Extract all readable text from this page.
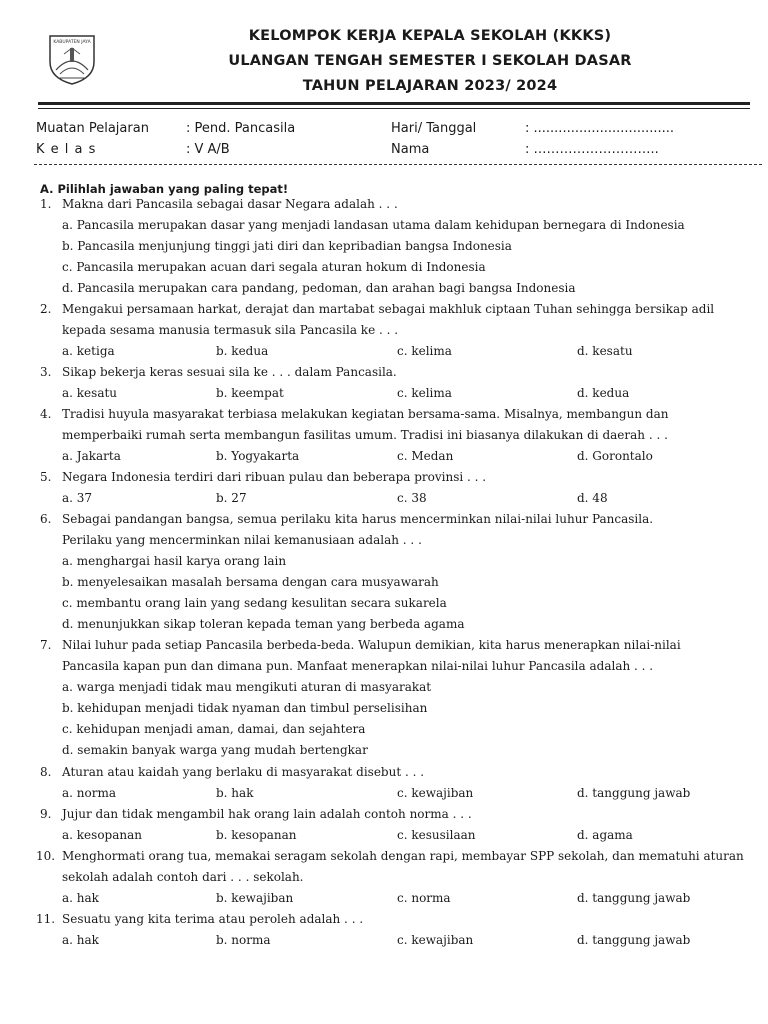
KABUPATEN JAYA	KELOMPOK KERJA KEPALA SEKOLAH (KKKS)
ULANGAN TENGAH SEMESTER I SEKOLAH DASAR
TAHUN PELAJARAN 2023/ 2024
Muatan Pelajaran	: Pend. Pancasila	Hari/ Tanggal	: ..................................
K e l a s	: V A/B	Nama	: ………………………..
A. Pilihlah jawaban yang paling tepat!
1. Makna dari Pancasila sebagai dasar Negara adalah . . .
a. Pancasila merupakan dasar yang menjadi landasan utama dalam kehidupan bernegara di Indonesia
b. Pancasila menjunjung tinggi jati diri dan kepribadian bangsa Indonesia
c. Pancasila merupakan acuan dari segala aturan hokum di Indonesia
d. Pancasila merupakan cara pandang, pedoman, dan arahan bagi bangsa Indonesia
2. Mengakui persamaan harkat, derajat dan martabat sebagai makhluk ciptaan Tuhan sehingga bersikap adil
kepada sesama manusia termasuk sila Pancasila ke . . .
a. ketiga	b. kedua	c. kelima	d. kesatu
3. Sikap bekerja keras sesuai sila ke . . . dalam Pancasila.
a. kesatu	b. keempat	c. kelima	d. kedua
4. Tradisi huyula masyarakat terbiasa melakukan kegiatan bersama-sama. Misalnya, membangun dan
memperbaiki rumah serta membangun fasilitas umum. Tradisi ini biasanya dilakukan di daerah . . .
a. Jakarta	b. Yogyakarta	c. Medan	d. Gorontalo
5. Negara Indonesia terdiri dari ribuan pulau dan beberapa provinsi . . .
a. 37	b. 27	c. 38	d. 48
6. Sebagai pandangan bangsa, semua perilaku kita harus mencerminkan nilai-nilai luhur Pancasila.
Perilaku yang mencerminkan nilai kemanusiaan adalah . . .
a. menghargai hasil karya orang lain
b. menyelesaikan masalah bersama dengan cara musyawarah
c. membantu orang lain yang sedang kesulitan secara sukarela
d. menunjukkan sikap toleran kepada teman yang berbeda agama
7. Nilai luhur pada setiap Pancasila berbeda-beda. Walupun demikian, kita harus menerapkan nilai-nilai
Pancasila kapan pun dan dimana pun. Manfaat menerapkan nilai-nilai luhur Pancasila adalah . . .
a. warga menjadi tidak mau mengikuti aturan di masyarakat
b. kehidupan menjadi tidak nyaman dan timbul perselisihan
c. kehidupan menjadi aman, damai, dan sejahtera
d. semakin banyak warga yang mudah bertengkar
8. Aturan atau kaidah yang berlaku di masyarakat disebut . . .
a. norma	b. hak	c. kewajiban	d. tanggung jawab
9. Jujur dan tidak mengambil hak orang lain adalah contoh norma . . .
a. kesopanan	b. kesopanan	c. kesusilaan	d. agama
10. Menghormati orang tua, memakai seragam sekolah dengan rapi, membayar SPP sekolah, dan mematuhi aturan
sekolah adalah contoh dari . . . sekolah.
a. hak	b. kewajiban	c. norma	d. tanggung jawab
11. Sesuatu yang kita terima atau peroleh adalah . . .
a. hak	b. norma	c. kewajiban	d. tanggung jawab
